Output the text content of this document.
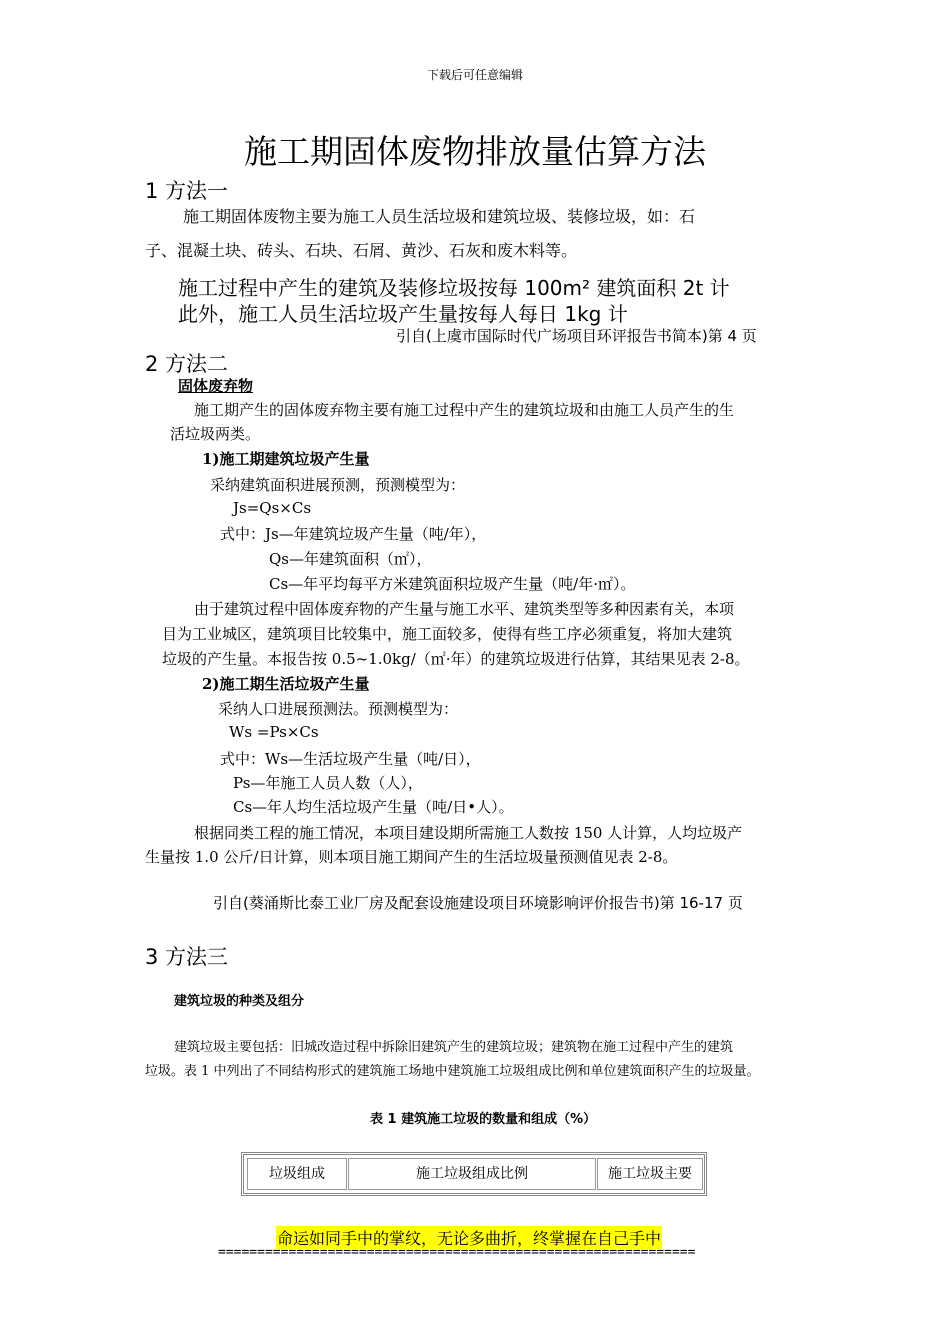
下载后可任意编辑
施工期固体废物排放量估算方法
1 方法一
施工期固体废物主要为施工人员生活垃圾和建筑垃圾、装修垃圾，如：石
子、混凝土块、砖头、石块、石屑、黄沙、石灰和废木料等。
施工过程中产生的建筑及装修垃圾按每 100m² 建筑面积 2t 计
此外，施工人员生活垃圾产生量按每人每日 1kg 计
引自(上虞市国际时代广场项目环评报告书简本)第 4 页
2 方法二
固体废弃物
施工期产生的固体废弃物主要有施工过程中产生的建筑垃圾和由施工人员产生的生
活垃圾两类。
1)施工期建筑垃圾产生量
采纳建筑面积进展预测，预测模型为：
Js=Qs×Cs
式中：Js—年建筑垃圾产生量（吨/年），
Qs—年建筑面积（㎡），
Cs—年平均每平方米建筑面积垃圾产生量（吨/年·㎡）。
由于建筑过程中固体废弃物的产生量与施工水平、建筑类型等多种因素有关，本项
目为工业城区，建筑项目比较集中，施工面较多，使得有些工序必须重复，将加大建筑
垃圾的产生量。本报告按 0.5~1.0kg/（㎡·年）的建筑垃圾进行估算，其结果见表 2-8。
2)施工期生活垃圾产生量
采纳人口进展预测法。预测模型为：
Ws =Ps×Cs
式中：Ws—生活垃圾产生量（吨/日），
Ps—年施工人员人数（人），
Cs—年人均生活垃圾产生量（吨/日•人）。
根据同类工程的施工情况，本项目建设期所需施工人数按 150 人计算，人均垃圾产
生量按 1.0 公斤/日计算，则本项目施工期间产生的生活垃圾量预测值见表 2-8。
引自(葵涌斯比泰工业厂房及配套设施建设项目环境影响评价报告书)第 16-17 页
3 方法三
建筑垃圾的种类及组分
建筑垃圾主要包括：旧城改造过程中拆除旧建筑产生的建筑垃圾；建筑物在施工过程中产生的建筑
垃圾。表 1 中列出了不同结构形式的建筑施工场地中建筑施工垃圾组成比例和单位建筑面积产生的垃圾量。
表 1 建筑施工垃圾的数量和组成（%）
垃圾组成	施工垃圾组成比例	施工垃圾主要
命运如同手中的掌纹，无论多曲折，终掌握在自己手中
=============================================================
